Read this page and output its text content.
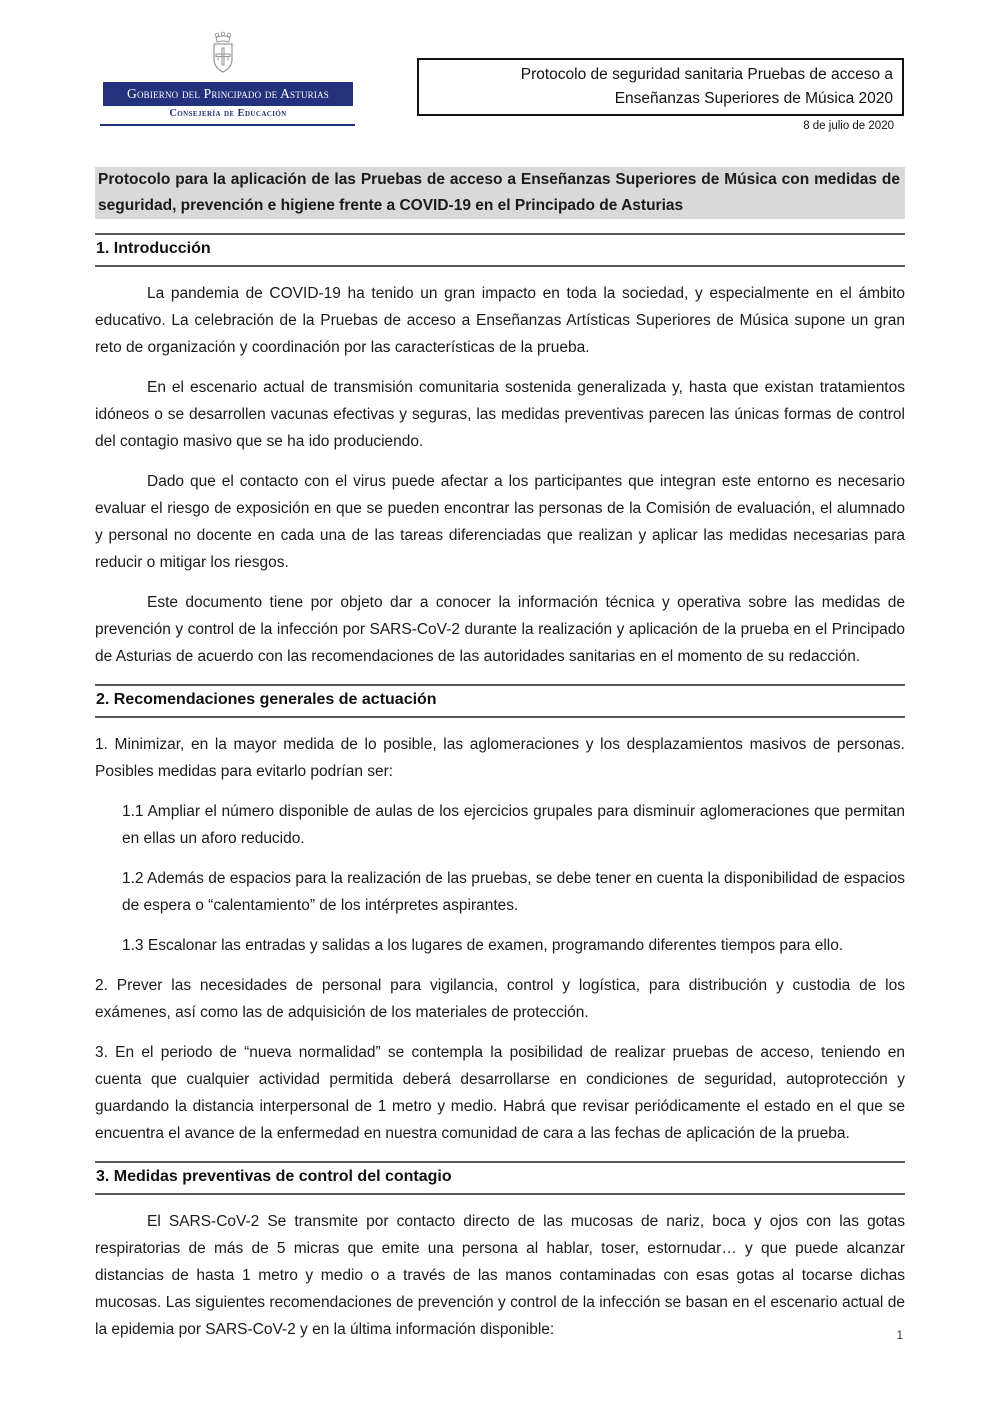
Gobierno del Principado de Asturias
Consejería de Educación
Protocolo de seguridad sanitaria Pruebas de acceso a
Enseñanzas Superiores de Música 2020
8 de julio de 2020
Protocolo para la aplicación de las Pruebas de acceso a Enseñanzas Superiores de Música con medidas de seguridad, prevención e higiene frente a COVID-19 en el Principado de Asturias
1. Introducción

La pandemia de COVID-19 ha tenido un gran impacto en toda la sociedad, y especialmente en el ámbito educativo. La celebración de la Pruebas de acceso a Enseñanzas Artísticas Superiores de Música supone un gran reto de organización y coordinación por las características de la prueba.

En el escenario actual de transmisión comunitaria sostenida generalizada y, hasta que existan tratamientos idóneos o se desarrollen vacunas efectivas y seguras, las medidas preventivas parecen las únicas formas de control del contagio masivo que se ha ido produciendo.

Dado que el contacto con el virus puede afectar a los participantes que integran este entorno es necesario evaluar el riesgo de exposición en que se pueden encontrar las personas de la Comisión de evaluación, el alumnado y personal no docente en cada una de las tareas diferenciadas que realizan y aplicar las medidas necesarias para reducir o mitigar los riesgos.

Este documento tiene por objeto dar a conocer la información técnica y operativa sobre las medidas de prevención y control de la infección por SARS-CoV-2 durante la realización y aplicación de la prueba en el Principado de Asturias de acuerdo con las recomendaciones de las autoridades sanitarias en el momento de su redacción.

2. Recomendaciones generales de actuación

1. Minimizar, en la mayor medida de lo posible, las aglomeraciones y los desplazamientos masivos de personas. Posibles medidas para evitarlo podrían ser:

1.1 Ampliar el número disponible de aulas de los ejercicios grupales para disminuir aglomeraciones que permitan en ellas un aforo reducido.

1.2 Además de espacios para la realización de las pruebas, se debe tener en cuenta la disponibilidad de espacios de espera o “calentamiento” de los intérpretes aspirantes.

1.3 Escalonar las entradas y salidas a los lugares de examen, programando diferentes tiempos para ello.

2. Prever las necesidades de personal para vigilancia, control y logística, para distribución y custodia de los exámenes, así como las de adquisición de los materiales de protección.

3. En el periodo de “nueva normalidad” se contempla la posibilidad de realizar pruebas de acceso, teniendo en cuenta que cualquier actividad permitida deberá desarrollarse en condiciones de seguridad, autoprotección y guardando la distancia interpersonal de 1 metro y medio. Habrá que revisar periódicamente el estado en el que se encuentra el avance de la enfermedad en nuestra comunidad de cara a las fechas de aplicación de la prueba.

3. Medidas preventivas de control del contagio

El SARS-CoV-2 Se transmite por contacto directo de las mucosas de nariz, boca y ojos con las gotas respiratorias de más de 5 micras que emite una persona al hablar, toser, estornudar… y que puede alcanzar distancias de hasta 1 metro y medio o a través de las manos contaminadas con esas gotas al tocarse dichas mucosas. Las siguientes recomendaciones de prevención y control de la infección se basan en el escenario actual de la epidemia por SARS-CoV-2 y en la última información disponible:	1
